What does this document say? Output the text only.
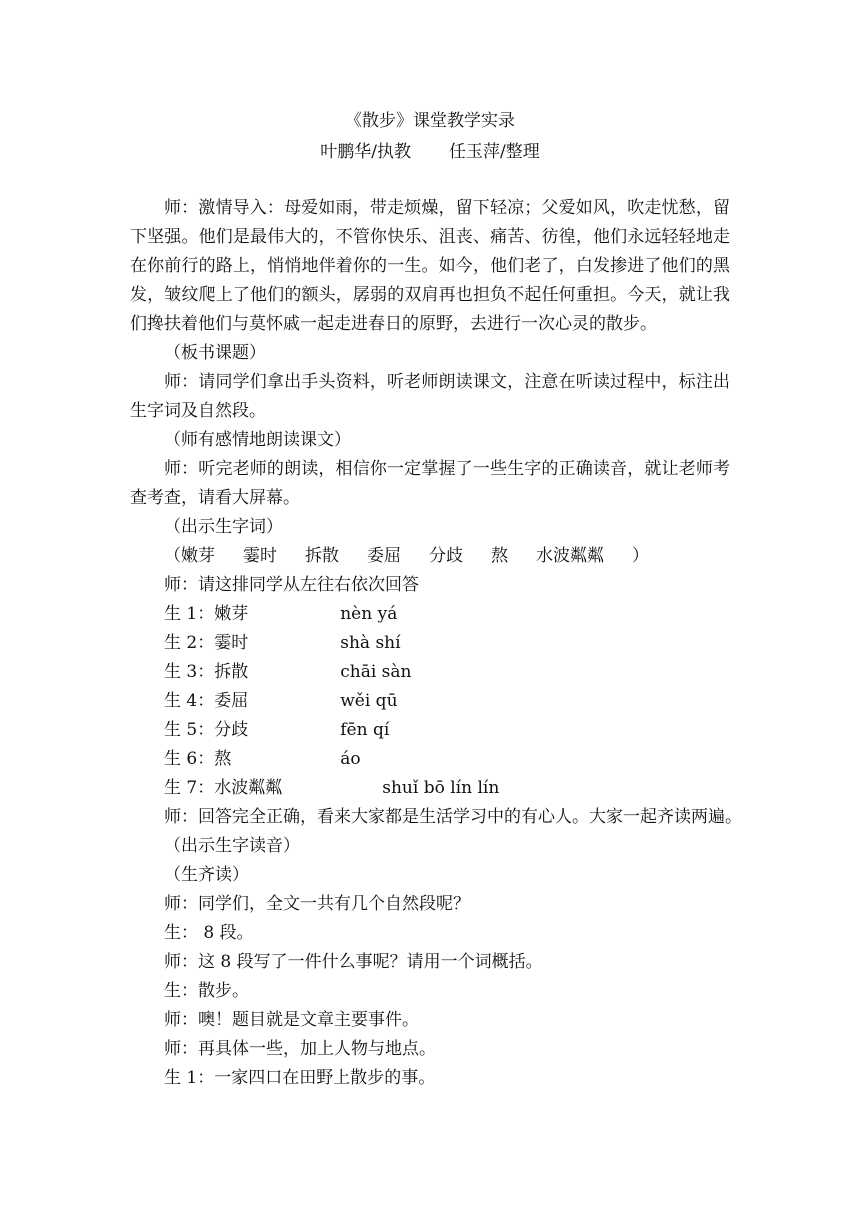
《散步》课堂教学实录
叶鹏华/执教 任玉萍/整理

师：激情导入：母爱如雨，带走烦燥，留下轻凉；父爱如风，吹走忧愁，留下坚强。他们是最伟大的，不管你快乐、沮丧、痛苦、彷徨，他们永远轻轻地走在你前行的路上，悄悄地伴着你的一生。如今，他们老了，白发掺进了他们的黑发，皱纹爬上了他们的额头，孱弱的双肩再也担负不起任何重担。今天，就让我们搀扶着他们与莫怀戚一起走进春日的原野，去进行一次心灵的散步。

（板书课题）

师：请同学们拿出手头资料，听老师朗读课文，注意在听读过程中，标注出生字词及自然段。

（师有感情地朗读课文）

师：听完老师的朗读，相信你一定掌握了一些生字的正确读音，就让老师考查考查，请看大屏幕。

（出示生字词）

（嫩芽 霎时 拆散 委屈 分歧 熬 水波粼粼 ）

师：请这排同学从左往右依次回答

生 1：嫩芽	nèn yá

生 2：霎时	shà shí

生 3：拆散	chāi sàn

生 4：委屈	wěi qū

生 5：分歧	fēn qí

生 6：熬	áo

生 7：水波粼粼	shuǐ bō lín lín

师：回答完全正确，看来大家都是生活学习中的有心人。大家一起齐读两遍。

（出示生字读音）

（生齐读）

师：同学们，全文一共有几个自然段呢？

生： 8 段。

师：这 8 段写了一件什么事呢？请用一个词概括。

生：散步。

师：噢！题目就是文章主要事件。

师：再具体一些，加上人物与地点。

生 1：一家四口在田野上散步的事。
